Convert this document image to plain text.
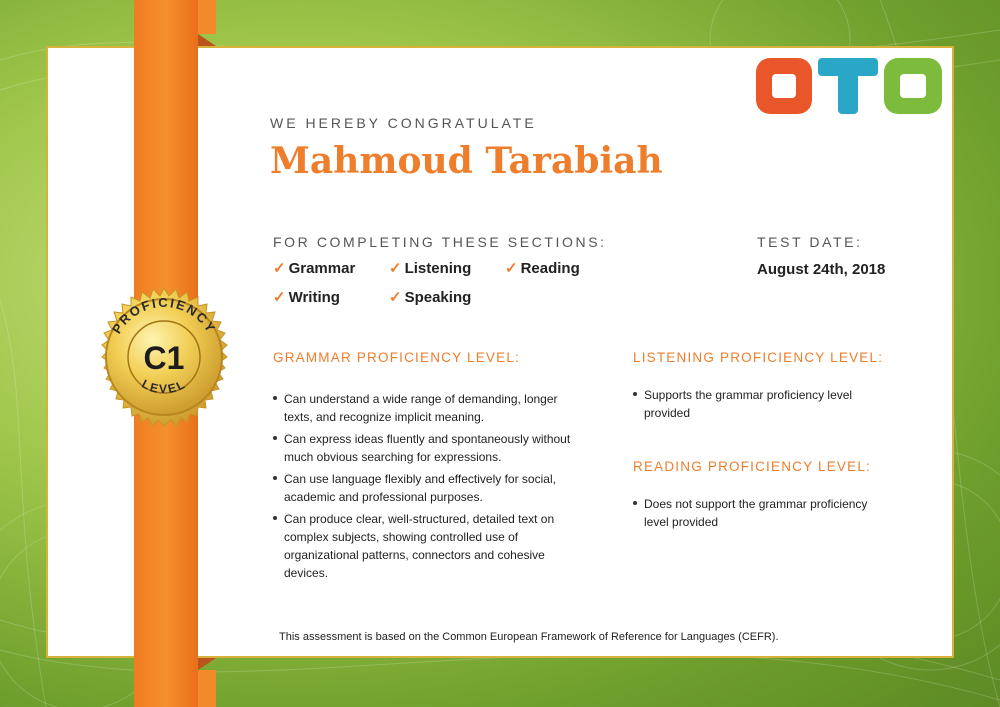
PROFICIENCY
C1
LEVEL
WE HEREBY CONGRATULATE
Mahmoud Tarabiah
FOR COMPLETING THESE SECTIONS:	TEST DATE:
August 24th, 2018
✓ Grammar ✓ Listening ✓ Reading
✓ Writing	✓ Speaking
GRAMMAR PROFICIENCY LEVEL:
Can understand a wide range of demanding, longer texts, and recognize implicit meaning.
Can express ideas fluently and spontaneously without much obvious searching for expressions.
Can use language flexibly and effectively for social, academic and professional purposes.
Can produce clear, well-structured, detailed text on complex subjects, showing controlled use of organizational patterns, connectors and cohesive devices.
LISTENING PROFICIENCY LEVEL:
Supports the grammar proficiency level provided
READING PROFICIENCY LEVEL:
Does not support the grammar proficiency level provided
This assessment is based on the Common European Framework of Reference for Languages (CEFR).
